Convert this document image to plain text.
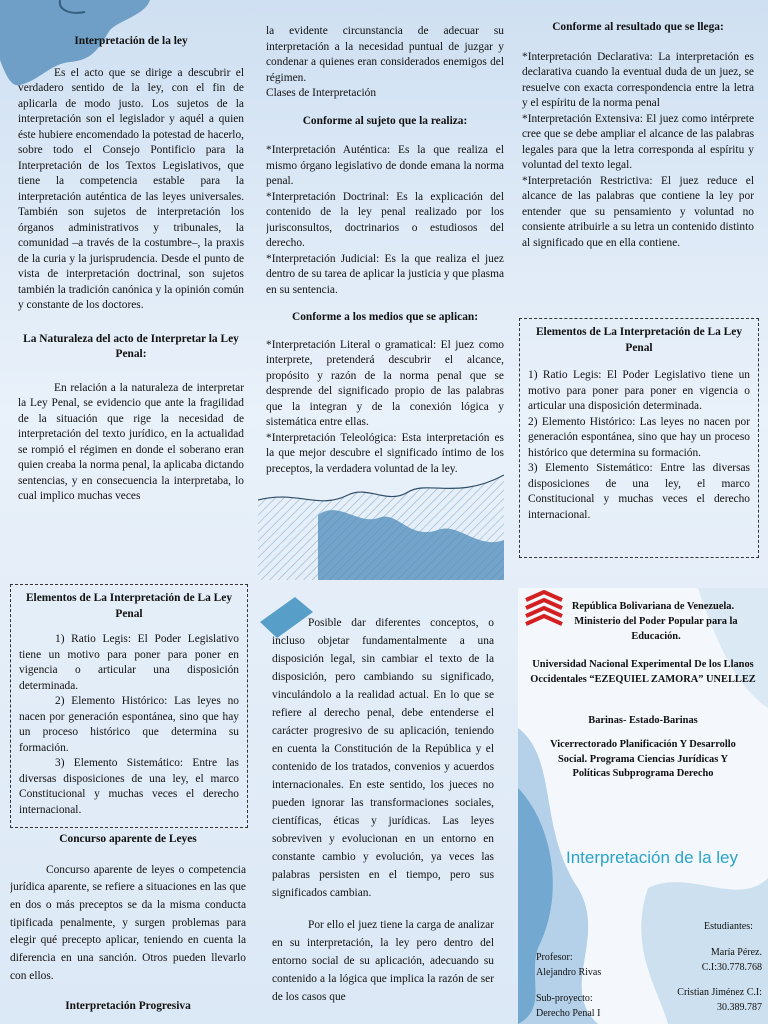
Interpretación de la ley
Es el acto que se dirige a descubrir el verdadero sentido de la ley, con el fin de aplicarla de modo justo. Los sujetos de la interpretación son el legislador y aquél a quien éste hubiere encomendado la potestad de hacerlo, sobre todo el Consejo Pontificio para la Interpretación de los Textos Legislativos, que tiene la competencia estable para la interpretación auténtica de las leyes universales. También son sujetos de interpretación los órganos administrativos y tribunales, la comunidad –a través de la costumbre–, la praxis de la curia y la jurisprudencia. Desde el punto de vista de interpretación doctrinal, son sujetos también la tradición canónica y la opinión común y constante de los doctores.
La Naturaleza del acto de Interpretar la Ley Penal:
En relación a la naturaleza de interpretar la Ley Penal, se evidencio que ante la fragilidad de la situación que rige la necesidad de interpretación del texto jurídico, en la actualidad se rompió el régimen en donde el soberano eran quien creaba la norma penal, la aplicaba dictando sentencias, y en consecuencia la interpretaba, lo cual implico muchas veces
la evidente circunstancia de adecuar su interpretación a la necesidad puntual de juzgar y condenar a quienes eran considerados enemigos del régimen.
Clases de Interpretación
Conforme al sujeto que la realiza:
*Interpretación Auténtica: Es la que realiza el mismo órgano legislativo de donde emana la norma penal.
*Interpretación Doctrinal: Es la explicación del contenido de la ley penal realizado por los jurisconsultos, doctrinarios o estudiosos del derecho.
*Interpretación Judicial: Es la que realiza el juez dentro de su tarea de aplicar la justicia y que plasma en su sentencia.
Conforme a los medios que se aplican:
*Interpretación Literal o gramatical: El juez como interprete, pretenderá descubrir el alcance, propósito y razón de la norma penal que se desprende del significado propio de las palabras que la integran y de la conexión lógica y sistemática entre ellas.
*Interpretación Teleológica: Esta interpretación es la que mejor descubre el significado íntimo de los preceptos, la verdadera voluntad de la ley.
Conforme al resultado que se llega:
*Interpretación Declarativa: La interpretación es declarativa cuando la eventual duda de un juez, se resuelve con exacta correspondencia entre la letra y el espíritu de la norma penal
*Interpretación Extensiva: El juez como intérprete cree que se debe ampliar el alcance de las palabras legales para que la letra corresponda al espíritu y voluntad del texto legal.
*Interpretación Restrictiva: El juez reduce el alcance de las palabras que contiene la ley por entender que su pensamiento y voluntad no consiente atribuirle a su letra un contenido distinto al significado que en ella contiene.
Elementos de La Interpretación de La Ley Penal
1) Ratio Legis: El Poder Legislativo tiene un motivo para poner para poner en vigencia o articular una disposición determinada.
2) Elemento Histórico: Las leyes no nacen por generación espontánea, sino que hay un proceso histórico que determina su formación.
3) Elemento Sistemático: Entre las diversas disposiciones de una ley, el marco Constitucional y muchas veces el derecho internacional.
Elementos de La Interpretación de La Ley Penal
1) Ratio Legis: El Poder Legislativo tiene un motivo para poner para poner en vigencia o articular una disposición determinada.
2) Elemento Histórico: Las leyes no nacen por generación espontánea, sino que hay un proceso histórico que determina su formación.
3) Elemento Sistemático: Entre las diversas disposiciones de una ley, el marco Constitucional y muchas veces el derecho internacional.
Concurso aparente de Leyes
Concurso aparente de leyes o competencia jurídica aparente, se refiere a situaciones en las que en dos o más preceptos se da la misma conducta tipificada penalmente, y surgen problemas para elegir qué precepto aplicar, teniendo en cuenta la diferencia en una sanción. Otros pueden llevarlo con ellos.
Interpretación Progresiva
Posible dar diferentes conceptos, o incluso objetar fundamentalmente a una disposición legal, sin cambiar el texto de la disposición, pero cambiando su significado, vinculándolo a la realidad actual. En lo que se refiere al derecho penal, debe entenderse el carácter progresivo de su aplicación, teniendo en cuenta la Constitución de la República y el contenido de los tratados, convenios y acuerdos internacionales. En este sentido, los jueces no pueden ignorar las transformaciones sociales, científicas, éticas y jurídicas. Las leyes sobreviven y evolucionan en un entorno en constante cambio y evolución, ya veces las palabras persisten en el tiempo, pero sus significados cambian.
Por ello el juez tiene la carga de analizar en su interpretación, la ley pero dentro del entorno social de su aplicación, adecuando su contenido a la lógica que implica la razón de ser de los casos que
República Bolivariana de Venezuela.
Ministerio del Poder Popular para la Educación.
Universidad Nacional Experimental De los Llanos Occidentales “EZEQUIEL ZAMORA” UNELLEZ
Barinas- Estado-Barinas
Vicerrectorado Planificación Y Desarrollo Social. Programa Ciencias Jurídicas Y Políticas Subprograma Derecho
Interpretación de la ley
Estudiantes:
María Pérez.
C.I:30.778.768
Cristian Jiménez C.I:
30.389.787
Profesor:
Alejandro Rivas
Sub-proyecto:
Derecho Penal I
